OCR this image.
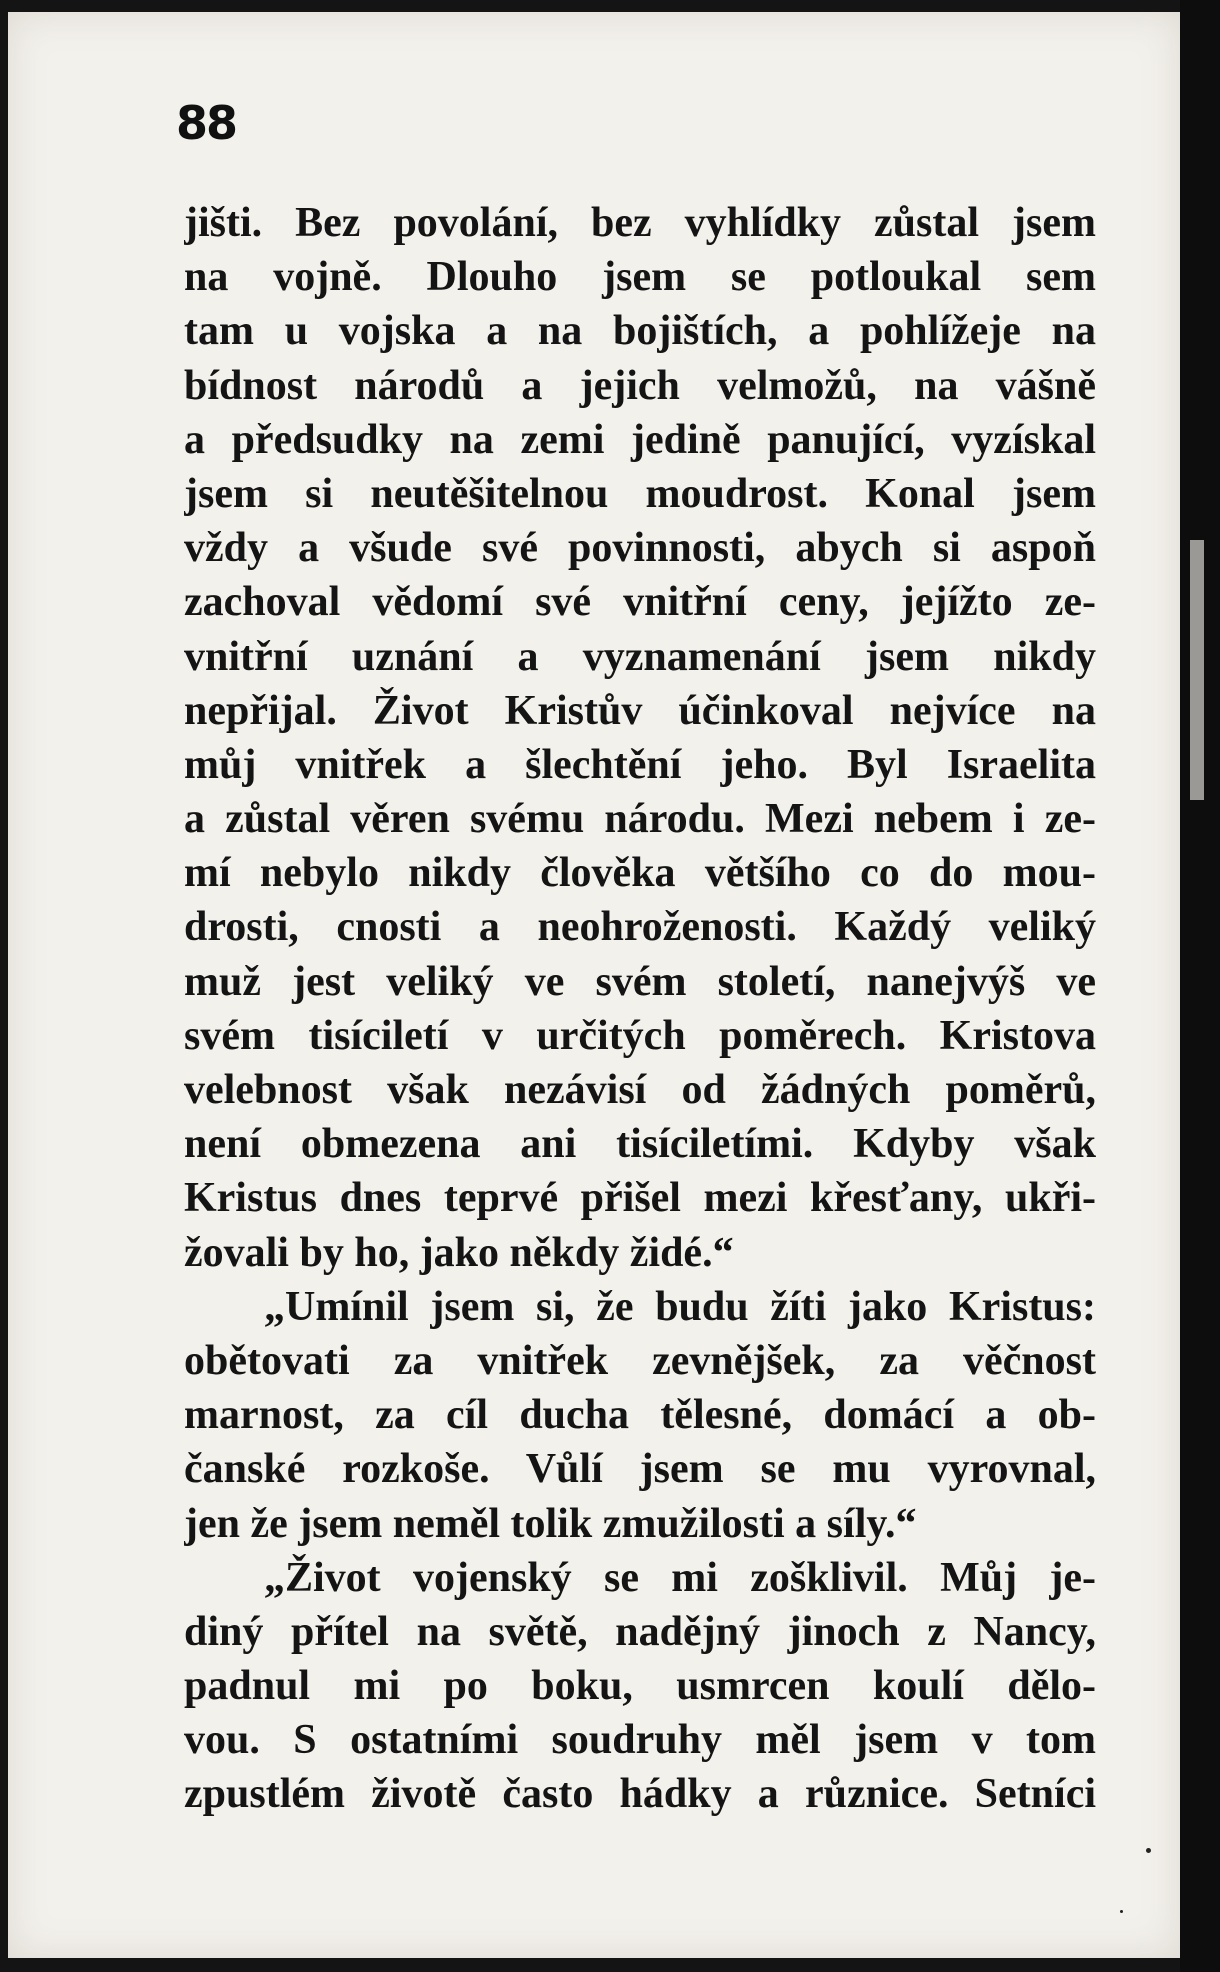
88
jišti. Bez povolání, bez vyhlídky zůstal jsem
na vojně. Dlouho jsem se potloukal sem
tam u vojska a na bojištích, a pohlížeje na
bídnost národů a jejich velmožů, na vášně
a předsudky na zemi jedině panující, vyzískal
jsem si neutěšitelnou moudrost. Konal jsem
vždy a všude své povinnosti, abych si aspoň
zachoval vědomí své vnitřní ceny, jejížto ze-
vnitřní uznání a vyznamenání jsem nikdy
nepřijal. Život Kristův účinkoval nejvíce na
můj vnitřek a šlechtění jeho. Byl Israelita
a zůstal věren svému národu. Mezi nebem i ze-
mí nebylo nikdy člověka většího co do mou-
drosti, cnosti a neohroženosti. Každý veliký
muž jest veliký ve svém století, nanejvýš ve
svém tisíciletí v určitých poměrech. Kristova
velebnost však nezávisí od žádných poměrů,
není obmezena ani tisíciletími. Kdyby však
Kristus dnes teprvé přišel mezi křesťany, ukři-
žovali by ho, jako někdy židé.“
„Umínil jsem si, že budu žíti jako Kristus:
obětovati za vnitřek zevnějšek, za věčnost
marnost, za cíl ducha tělesné, domácí a ob-
čanské rozkoše. Vůlí jsem se mu vyrovnal,
jen že jsem neměl tolik zmužilosti a síly.“
„Život vojenský se mi zošklivil. Můj je-
diný přítel na světě, nadějný jinoch z Nancy,
padnul mi po boku, usmrcen koulí dělo-
vou. S ostatními soudruhy měl jsem v tom
zpustlém životě často hádky a různice. Setníci
